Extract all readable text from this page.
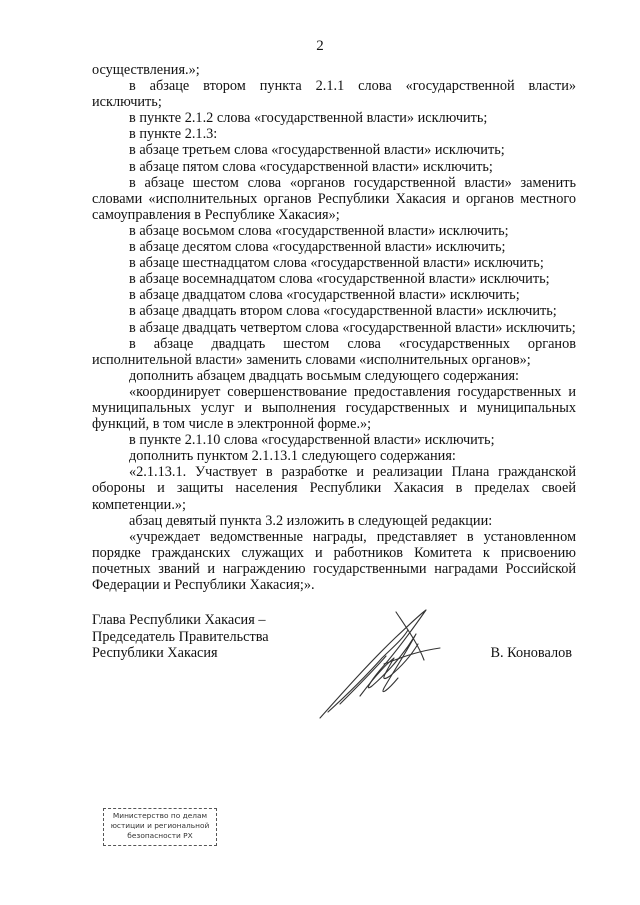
2

осуществления.»;

в абзаце втором пункта 2.1.1 слова «государственной власти» исключить;

в пункте 2.1.2 слова «государственной власти» исключить;

в пункте 2.1.3:

в абзаце третьем слова «государственной власти» исключить;

в абзаце пятом слова «государственной власти» исключить;

в абзаце шестом слова «органов государственной власти» заменить словами «исполнительных органов Республики Хакасия и органов местного самоуправления в Республике Хакасия»;

в абзаце восьмом слова «государственной власти» исключить;

в абзаце десятом слова «государственной власти» исключить;

в абзаце шестнадцатом слова «государственной власти» исключить;

в абзаце восемнадцатом слова «государственной власти» исключить;

в абзаце двадцатом слова «государственной власти» исключить;

в абзаце двадцать втором слова «государственной власти» исключить;

в абзаце двадцать четвертом слова «государственной власти» исключить;

в абзаце двадцать шестом слова «государственных органов исполнительной власти» заменить словами «исполнительных органов»;

дополнить абзацем двадцать восьмым следующего содержания:

«координирует совершенствование предоставления государственных и муниципальных услуг и выполнения государственных и муниципальных функций, в том числе в электронной форме.»;

в пункте 2.1.10 слова «государственной власти» исключить;

дополнить пунктом 2.1.13.1 следующего содержания:

«2.1.13.1. Участвует в разработке и реализации Плана гражданской обороны и защиты населения Республики Хакасия в пределах своей компетенции.»;

абзац девятый пункта 3.2 изложить в следующей редакции:

«учреждает ведомственные награды, представляет в установленном порядке гражданских служащих и работников Комитета к присвоению почетных званий и награждению государственными наградами Российской Федерации и Республики Хакасия;».

Глава Республики Хакасия –
Председатель Правительства
Республики Хакасия	В. Коновалов
Министерство по делам
юстиции и региональной
безопасности РХ
